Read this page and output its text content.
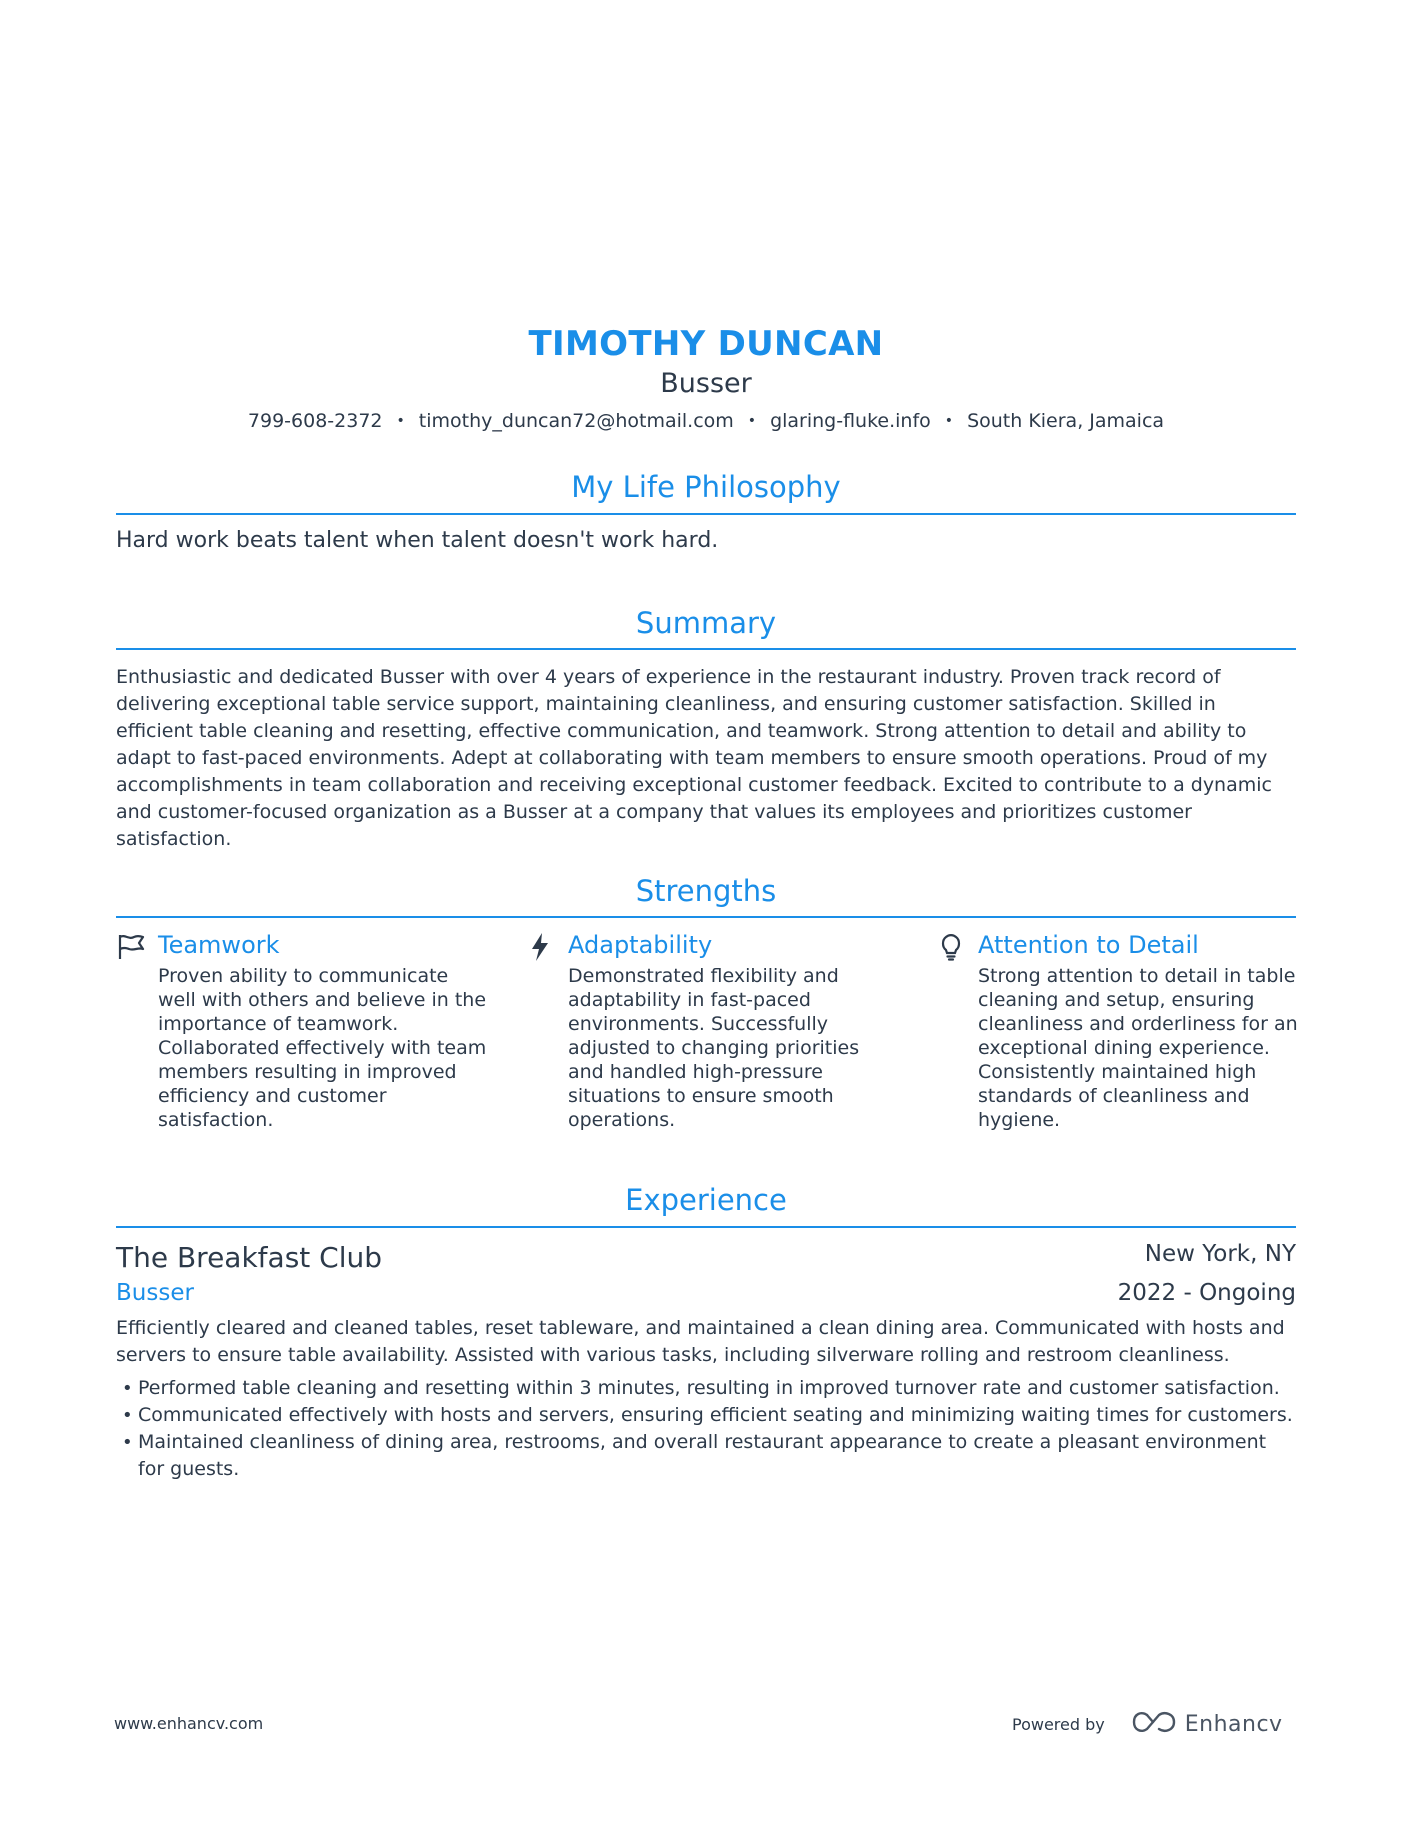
TIMOTHY DUNCAN
Busser
799-608-2372 • timothy_duncan72@hotmail.com • glaring-fluke.info • South Kiera, Jamaica
My Life Philosophy
Hard work beats talent when talent doesn't work hard.
Summary
Enthusiastic and dedicated Busser with over 4 years of experience in the restaurant industry. Proven track record of delivering exceptional table service support, maintaining cleanliness, and ensuring customer satisfaction. Skilled in efficient table cleaning and resetting, effective communication, and teamwork. Strong attention to detail and ability to adapt to fast-paced environments. Adept at collaborating with team members to ensure smooth operations. Proud of my accomplishments in team collaboration and receiving exceptional customer feedback. Excited to contribute to a dynamic and customer-focused organization as a Busser at a company that values its employees and prioritizes customer satisfaction.
Strengths
Teamwork
Proven ability to communicate well with others and believe in the importance of teamwork. Collaborated effectively with team members resulting in improved efficiency and customer satisfaction.
Adaptability
Demonstrated flexibility and adaptability in fast-paced environments. Successfully adjusted to changing priorities and handled high-pressure situations to ensure smooth operations.
Attention to Detail
Strong attention to detail in table cleaning and setup, ensuring cleanliness and orderliness for an exceptional dining experience. Consistently maintained high standards of cleanliness and hygiene.
Experience
The Breakfast Club	New York, NY
Busser	2022 - Ongoing
Efficiently cleared and cleaned tables, reset tableware, and maintained a clean dining area. Communicated with hosts and servers to ensure table availability. Assisted with various tasks, including silverware rolling and restroom cleanliness.
• Performed table cleaning and resetting within 3 minutes, resulting in improved turnover rate and customer satisfaction.
• Communicated effectively with hosts and servers, ensuring efficient seating and minimizing waiting times for customers.
• Maintained cleanliness of dining area, restrooms, and overall restaurant appearance to create a pleasant environment for guests.
www.enhancv.com	Powered by	Enhancv
